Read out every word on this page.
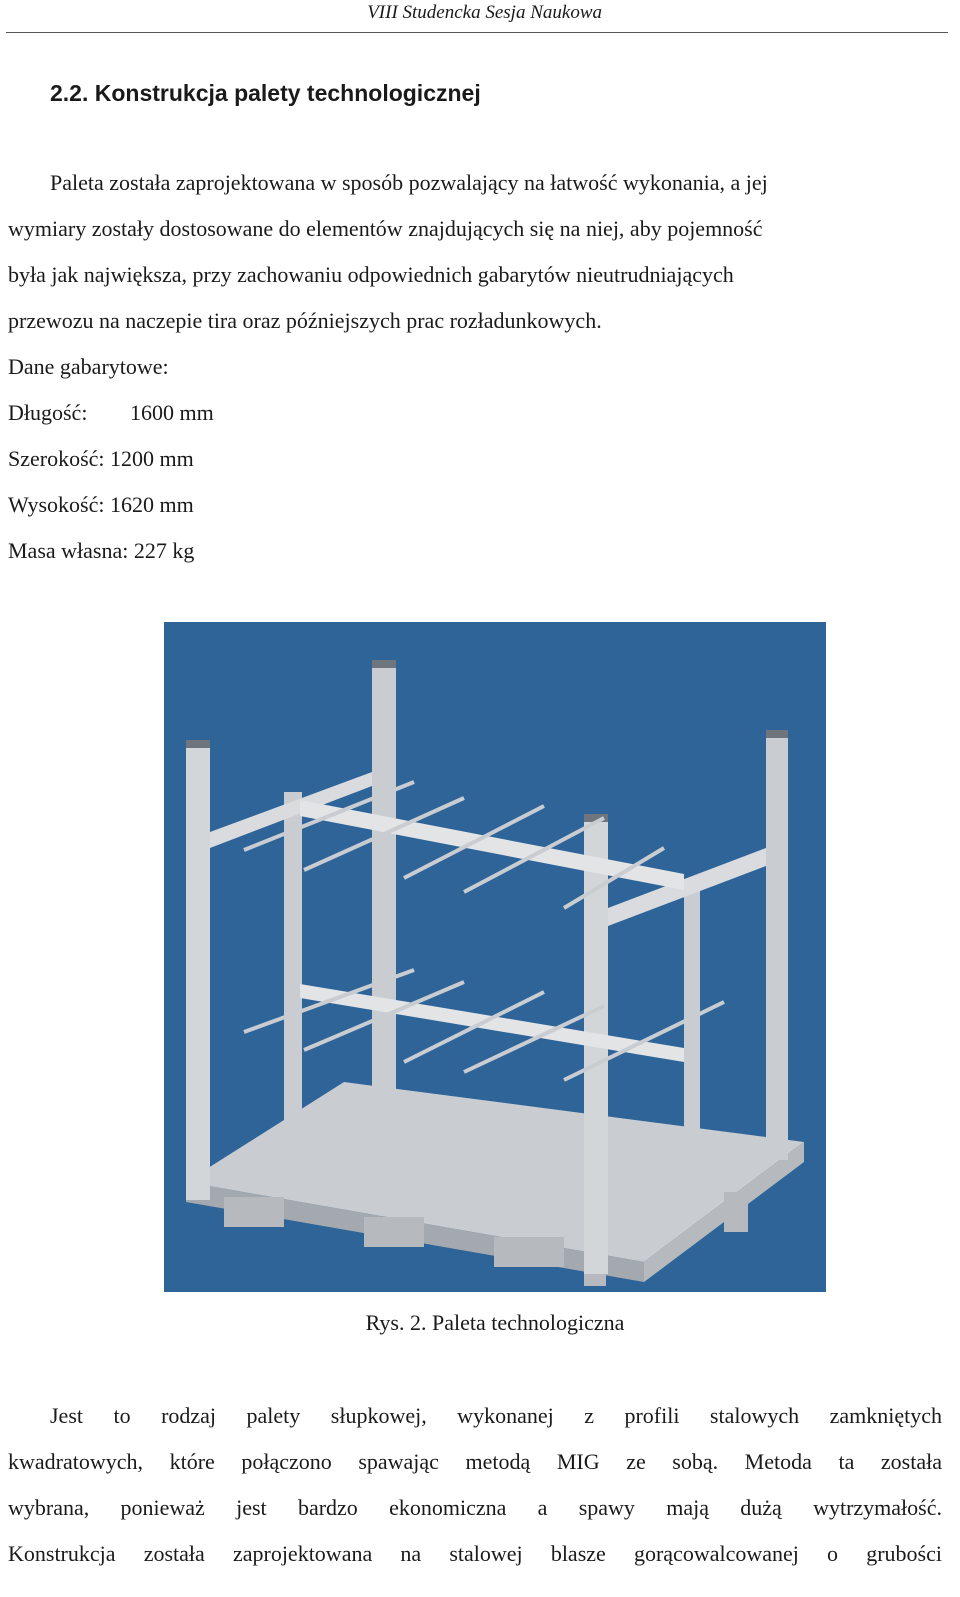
VIII Studencka Sesja Naukowa
2.2. Konstrukcja palety technologicznej

Paleta została zaprojektowana w sposób pozwalający na łatwość wykonania, a jej
wymiary zostały dostosowane do elementów znajdujących się na niej, aby pojemność
była jak największa, przy zachowaniu odpowiednich gabarytów nieutrudniających
przewozu na naczepie tira oraz późniejszych prac rozładunkowych.

Dane gabarytowe:
Długość: 1600 mm
Szerokość: 1200 mm
Wysokość: 1620 mm
Masa własna: 227 kg

Rys. 2. Paleta technologiczna

Jest to rodzaj palety słupkowej, wykonanej z profili stalowych zamkniętych
kwadratowych, które połączono spawając metodą MIG ze sobą. Metoda ta została
wybrana, ponieważ jest bardzo ekonomiczna a spawy mają dużą wytrzymałość.
Konstrukcja została zaprojektowana na stalowej blasze gorącowalcowanej o grubości
